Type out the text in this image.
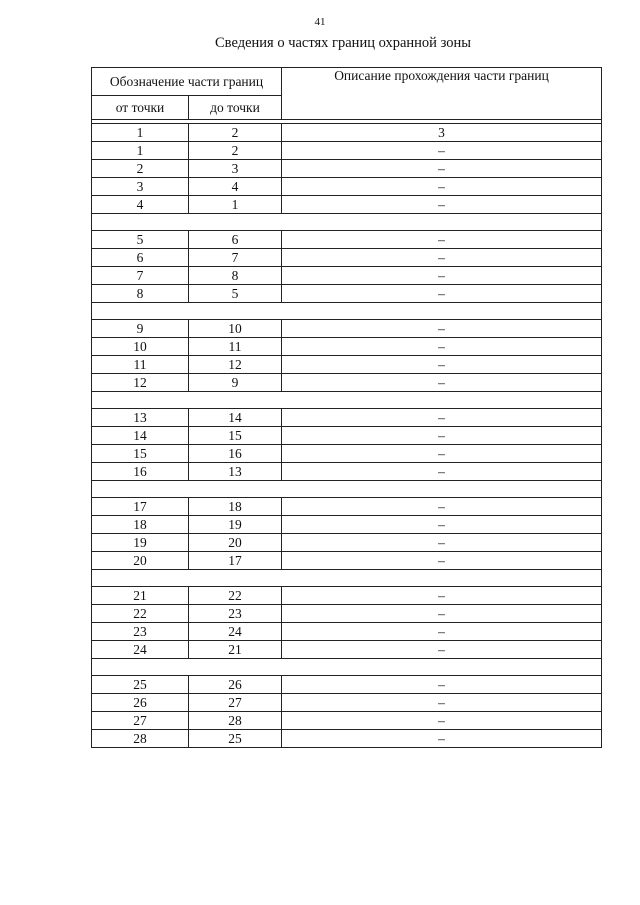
41
Сведения о частях границ охранной зоны
Обозначение части границ		Описание прохождения части границ
от точки	до точки	

1	2	3
1	2	–
2	3	–
3	4	–
4	1	–

5	6	–
6	7	–
7	8	–
8	5	–

9	10	–
10	11	–
11	12	–
12	9	–

13	14	–
14	15	–
15	16	–
16	13	–

17	18	–
18	19	–
19	20	–
20	17	–

21	22	–
22	23	–
23	24	–
24	21	–

25	26	–
26	27	–
27	28	–
28	25	–
